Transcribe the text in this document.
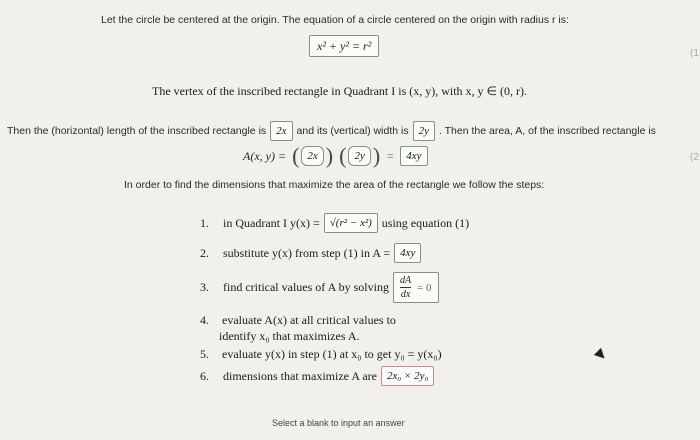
Let the circle be centered at the origin. The equation of a circle centered on the origin with radius r is:
x² + y² = r²
(1
The vertex of the inscribed rectangle in Quadrant I is (x, y), with x, y ∈ (0, r).
Then the (horizontal) length of the inscribed rectangle is 2x and its (vertical) width is 2y . Then the area, A, of the inscribed rectangle is
A(x, y) = ( 2x ) ( 2y ) =	4xy	(2
In order to find the dimensions that maximize the area of the rectangle we follow the steps:
1. in Quadrant I y(x) = √(r² − x²) using equation (1)
2. substitute y(x) from step (1) in A = 4xy
3. find critical values of A by solving $\frac{dA}{dx} = 0$
4. evaluate A(x) at all critical values to
identify x₀ that maximizes A.
5. evaluate y(x) in step (1) at x₀ to get y₀ = y(x₀)
6. dimensions that maximize A are 2x₀ × 2y₀
Select a blank to input an answer
